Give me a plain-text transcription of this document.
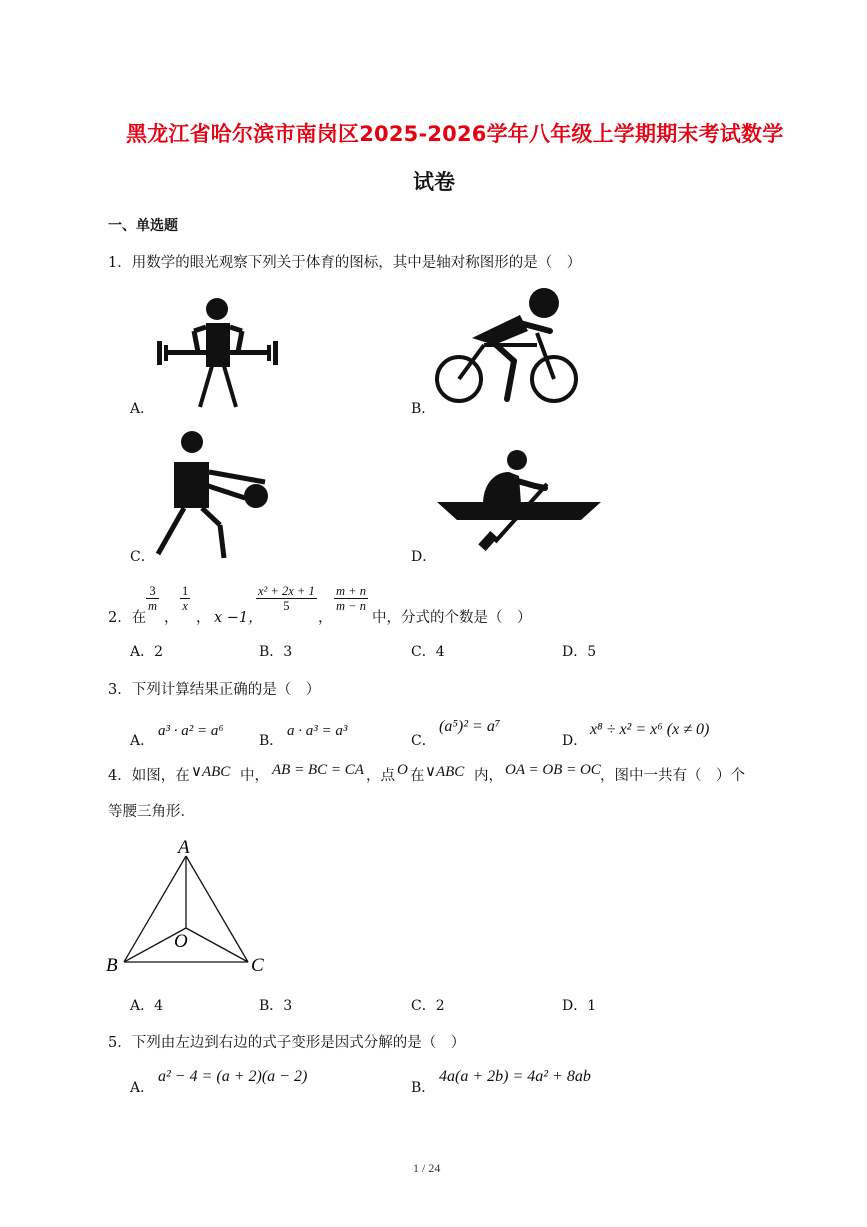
黑龙江省哈尔滨市南岗区2025-2026学年八年级上学期期末考试数学
试卷
一、单选题
1．用数学的眼光观察下列关于体育的图标，其中是轴对称图形的是（　）
A．	B．
C．	D．
2．在
$\frac{3}{m}$
，
$\frac{1}{x}$
， x −1，
$\frac{\text{x² + 2x + 1}}{5}$
，
$\frac{m + n}{m - n}$
中，分式的个数是（　）
A．2	B．3	C．4	D．5
3．下列计算结果正确的是（　）
A．
a³ · a² = a⁶
B．
a · a³ = a³
C．
(a⁵)² = a⁷
D．
x⁸ ÷ x² = x⁶ (x ≠ 0)
4．如图，在 ∨ABC 中， AB = BC = CA ，点 O 在 ∨ABC 内， OA = OB = OC ，图中一共有（　）个
等腰三角形．
A
B	C
O
A．4	B．3	C．2	D．1
5．下列由左边到右边的式子变形是因式分解的是（　）
A．
a² − 4 = (a + 2)(a − 2)
B．
4a(a + 2b) = 4a² + 8ab
1 / 24
